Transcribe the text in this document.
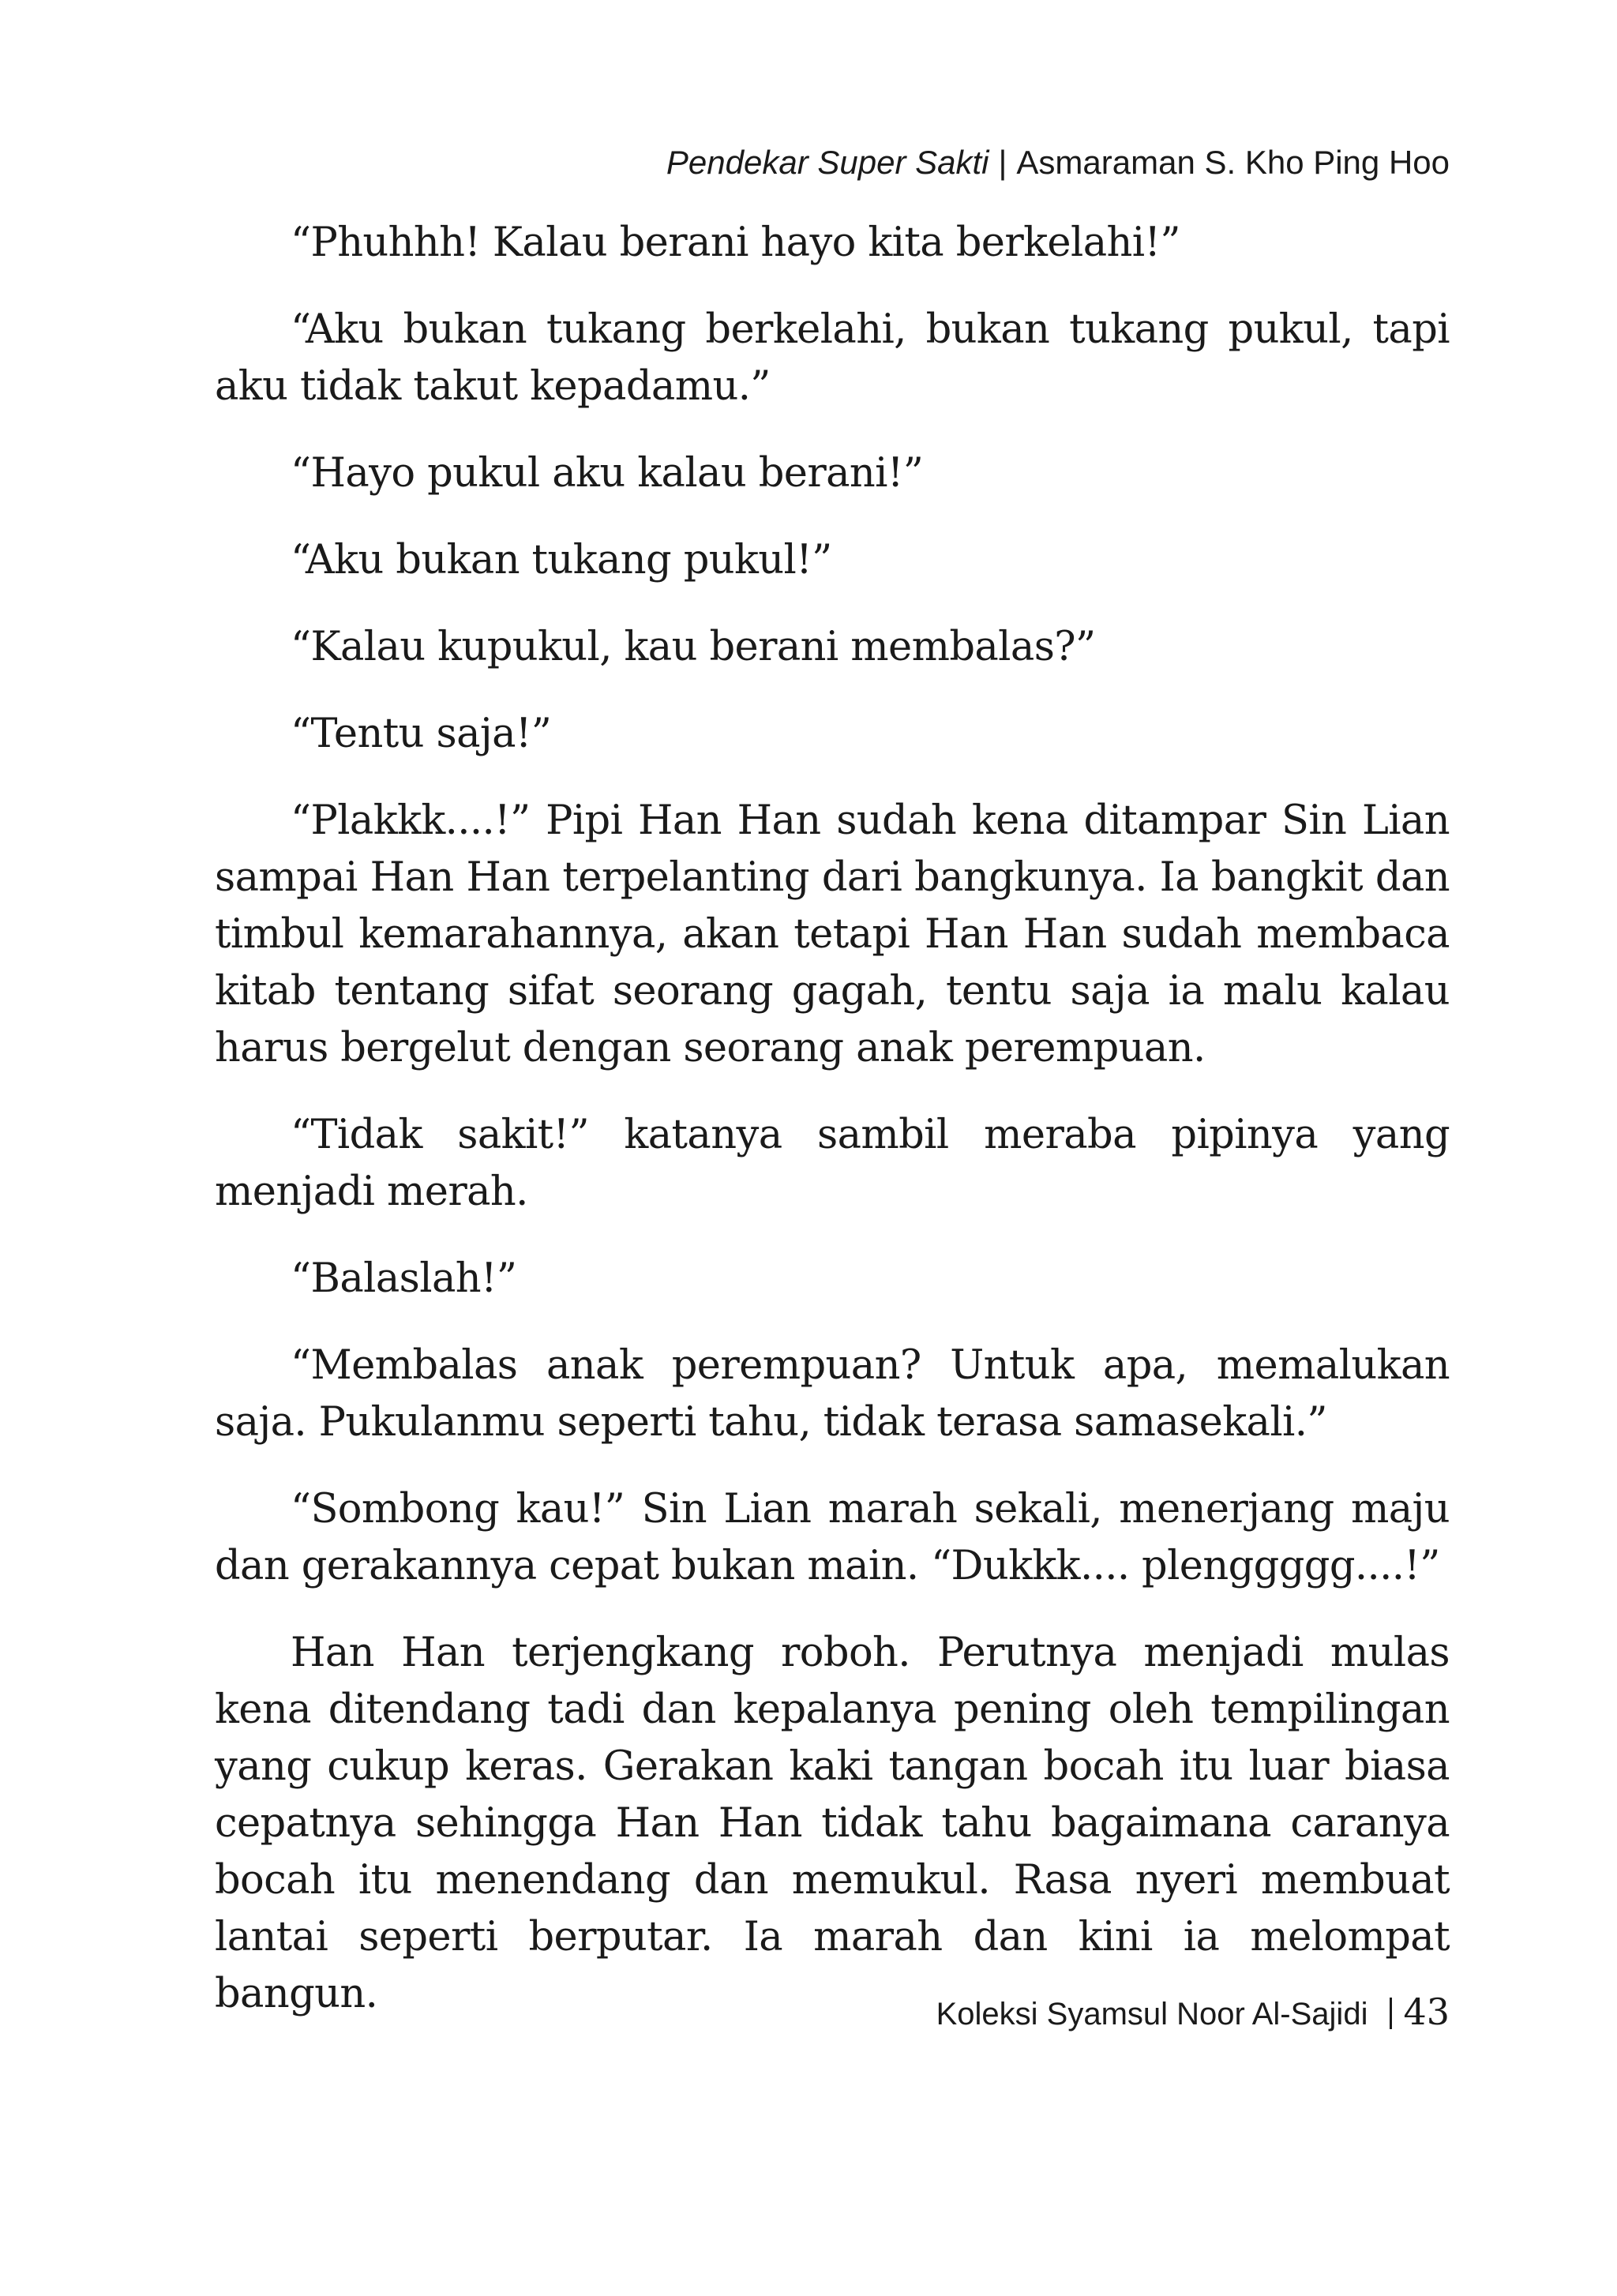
Pendekar Super Sakti | Asmaraman S. Kho Ping Hoo

“Phuhhh! Kalau berani hayo kita berkelahi!”

“Aku bukan tukang berkelahi, bukan tukang pukul, tapi aku tidak takut kepadamu.”

“Hayo pukul aku kalau berani!”

“Aku bukan tukang pukul!”

“Kalau kupukul, kau berani membalas?”

“Tentu saja!”

“Plakkk....!” Pipi Han Han sudah kena ditampar Sin Lian sampai Han Han terpelanting dari bangkunya. Ia bangkit dan timbul kemarahannya, akan tetapi Han Han sudah membaca kitab tentang sifat seorang gagah, tentu saja ia malu kalau harus bergelut dengan seorang anak perempuan.

“Tidak sakit!” katanya sambil meraba pipinya yang menjadi merah.

“Balaslah!”

“Membalas anak perempuan? Untuk apa, memalukan saja. Pukulanmu seperti tahu, tidak terasa samasekali.”

“Sombong kau!” Sin Lian marah sekali, menerjang maju dan gerakannya cepat bukan main. “Dukkk.... plenggggg....!”

Han Han terjengkang roboh. Perutnya menjadi mulas kena ditendang tadi dan kepalanya pening oleh tempilingan yang cukup keras. Gerakan kaki tangan bocah itu luar biasa cepatnya sehingga Han Han tidak tahu bagaimana caranya bocah itu menendang dan memukul. Rasa nyeri membuat lantai seperti berputar. Ia marah dan kini ia melompat bangun.	Koleksi Syamsul Noor Al-Sajidi 43
